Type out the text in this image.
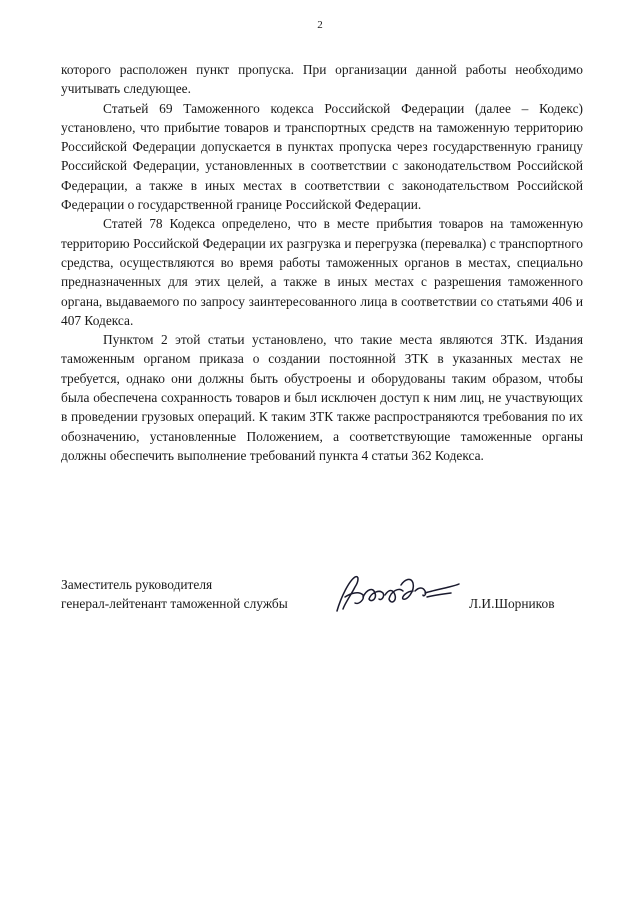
2

которого расположен пункт пропуска. При организации данной работы необходимо учитывать следующее.

Статьей 69 Таможенного кодекса Российской Федерации (далее – Кодекс) установлено, что прибытие товаров и транспортных средств на таможенную территорию Российской Федерации допускается в пунктах пропуска через государственную границу Российской Федерации, установленных в соответствии с законодательством Российской Федерации, а также в иных местах в соответствии с законодательством Российской Федерации о государственной границе Российской Федерации.

Статей 78 Кодекса определено, что в месте прибытия товаров на таможенную территорию Российской Федерации их разгрузка и перегрузка (перевалка) с транспортного средства, осуществляются во время работы таможенных органов в местах, специально предназначенных для этих целей, а также в иных местах с разрешения таможенного органа, выдаваемого по запросу заинтересованного лица в соответствии со статьями 406 и 407 Кодекса.

Пунктом 2 этой статьи установлено, что такие места являются ЗТК. Издания таможенным органом приказа о создании постоянной ЗТК в указанных местах не требуется, однако они должны быть обустроены и оборудованы таким образом, чтобы была обеспечена сохранность товаров и был исключен доступ к ним лиц, не участвующих в проведении грузовых операций. К таким ЗТК также распространяются требования по их обозначению, установленные Положением, а соответствующие таможенные органы должны обеспечить выполнение требований пункта 4 статьи 362 Кодекса.

Заместитель руководителя
генерал-лейтенант таможенной службы	Л.И.Шорников
